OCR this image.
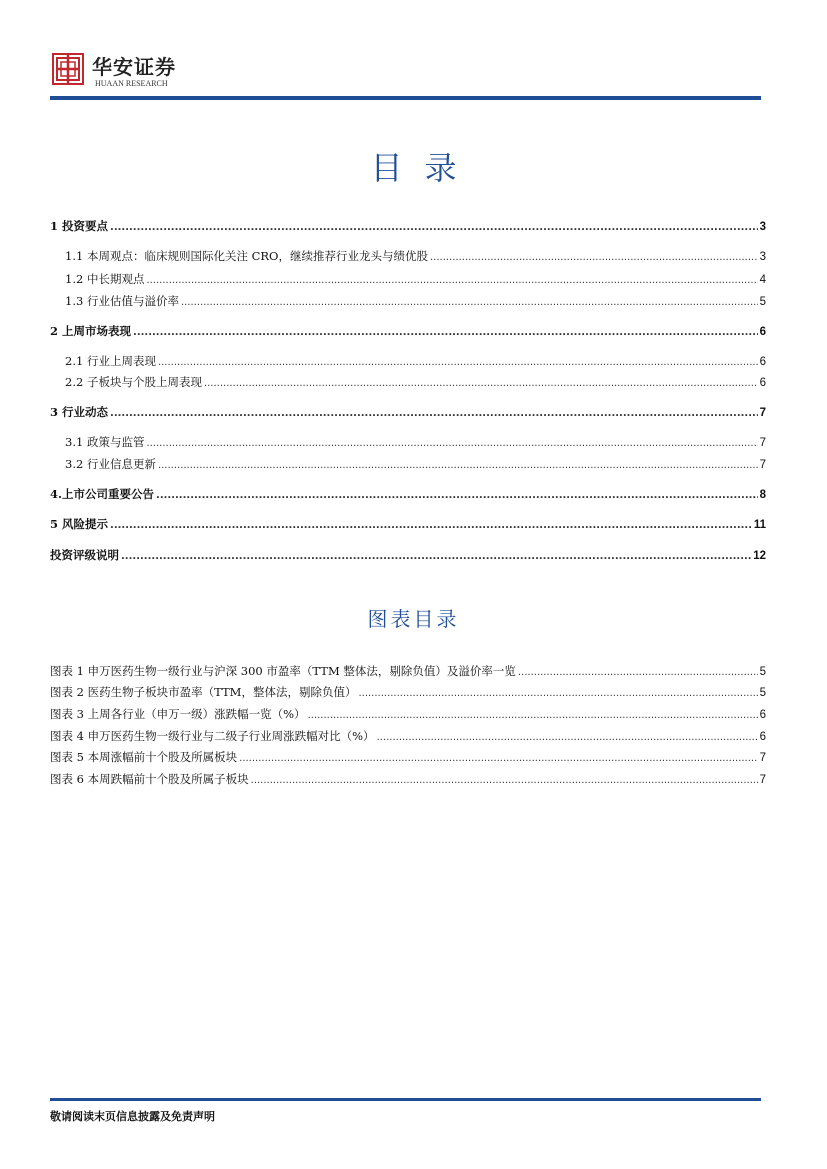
华安证券
HUAAN RESEARCH
目录
1 投资要点 .....	3
1.1 本周观点：临床规则国际化关注 CRO，继续推荐行业龙头与绩优股 .....	3
1.2 中长期观点 .....	4
1.3 行业估值与溢价率 .....	5
2 上周市场表现 .....	6
2.1 行业上周表现 .....	6
2.2 子板块与个股上周表现 .....	6
3 行业动态 .....	7
3.1 政策与监管 .....	7
3.2 行业信息更新 .....	7
4.上市公司重要公告 .....	8
5 风险提示 .....	11
投资评级说明 .....	12
图表目录
图表 1 申万医药生物一级行业与沪深 300 市盈率（TTM 整体法，剔除负值）及溢价率一览 .....	5
图表 2 医药生物子板块市盈率（TTM，整体法，剔除负值） .....	5
图表 3 上周各行业（申万一级）涨跌幅一览（%） .....	6
图表 4 申万医药生物一级行业与二级子行业周涨跌幅对比（%） .....	6
图表 5 本周涨幅前十个股及所属板块 .....	7
图表 6 本周跌幅前十个股及所属子板块 .....	7
敬请阅读末页信息披露及免责声明
